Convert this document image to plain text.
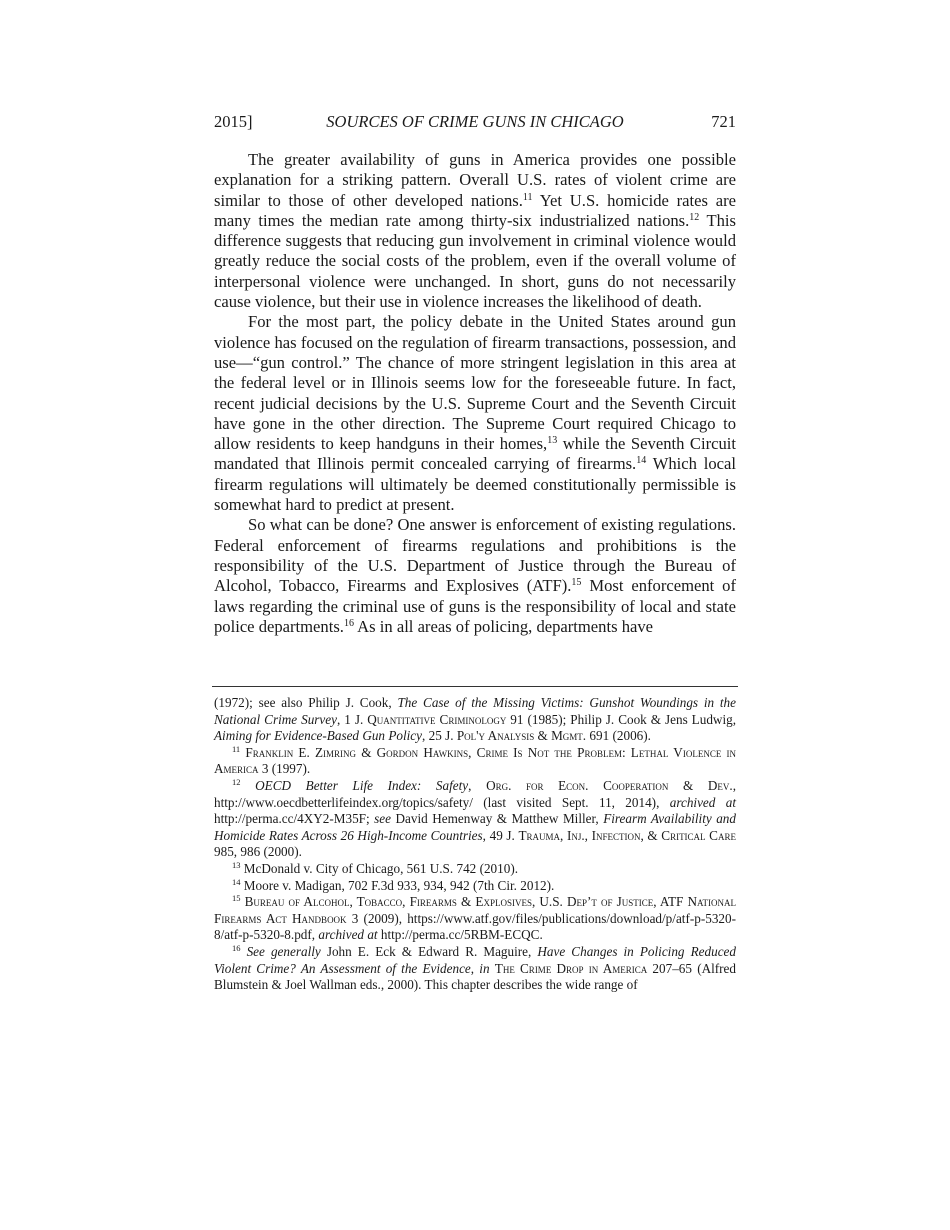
2015]	SOURCES OF CRIME GUNS IN CHICAGO	721

The greater availability of guns in America provides one possible explanation for a striking pattern. Overall U.S. rates of violent crime are similar to those of other developed nations.$^{11}$ Yet U.S. homicide rates are many times the median rate among thirty-six industrialized nations.$^{12}$ This difference suggests that reducing gun involvement in criminal violence would greatly reduce the social costs of the problem, even if the overall volume of interpersonal violence were unchanged. In short, guns do not necessarily cause violence, but their use in violence increases the likelihood of death.

For the most part, the policy debate in the United States around gun violence has focused on the regulation of firearm transactions, possession, and use—“gun control.” The chance of more stringent legislation in this area at the federal level or in Illinois seems low for the foreseeable future. In fact, recent judicial decisions by the U.S. Supreme Court and the Seventh Circuit have gone in the other direction. The Supreme Court required Chicago to allow residents to keep handguns in their homes,$^{13}$ while the Seventh Circuit mandated that Illinois permit concealed carrying of firearms.$^{14}$ Which local firearm regulations will ultimately be deemed constitutionally permissible is somewhat hard to predict at present.

So what can be done? One answer is enforcement of existing regulations. Federal enforcement of firearms regulations and prohibitions is the responsibility of the U.S. Department of Justice through the Bureau of Alcohol, Tobacco, Firearms and Explosives (ATF).$^{15}$ Most enforcement of laws regarding the criminal use of guns is the responsibility of local and state police departments.$^{16}$ As in all areas of policing, departments have

(1972); see also Philip J. Cook, The Case of the Missing Victims: Gunshot Woundings in the National Crime Survey, 1 J. Quantitative Criminology 91 (1985); Philip J. Cook & Jens Ludwig, Aiming for Evidence-Based Gun Policy, 25 J. Pol'y Analysis & Mgmt. 691 (2006).

$^{11}$ Franklin E. Zimring & Gordon Hawkins, Crime Is Not the Problem: Lethal Violence in America 3 (1997).

$^{12}$ OECD Better Life Index: Safety, Org. for Econ. Cooperation & Dev., http://www.oecdbetterlifeindex.org/topics/safety/ (last visited Sept. 11, 2014), archived at http://perma.cc/4XY2-M35F; see David Hemenway & Matthew Miller, Firearm Availability and Homicide Rates Across 26 High-Income Countries, 49 J. Trauma, Inj., Infection, & Critical Care 985, 986 (2000).

$^{13}$ McDonald v. City of Chicago, 561 U.S. 742 (2010).

$^{14}$ Moore v. Madigan, 702 F.3d 933, 934, 942 (7th Cir. 2012).

$^{15}$ Bureau of Alcohol, Tobacco, Firearms & Explosives, U.S. Dep’t of Justice, ATF National Firearms Act Handbook 3 (2009), https://www.atf.gov/files/publications/download/p/atf-p-5320-8/atf-p-5320-8.pdf, archived at http://perma.cc/5RBM-ECQC.

$^{16}$ See generally John E. Eck & Edward R. Maguire, Have Changes in Policing Reduced Violent Crime? An Assessment of the Evidence, in The Crime Drop in America 207–65 (Alfred Blumstein & Joel Wallman eds., 2000). This chapter describes the wide range of
